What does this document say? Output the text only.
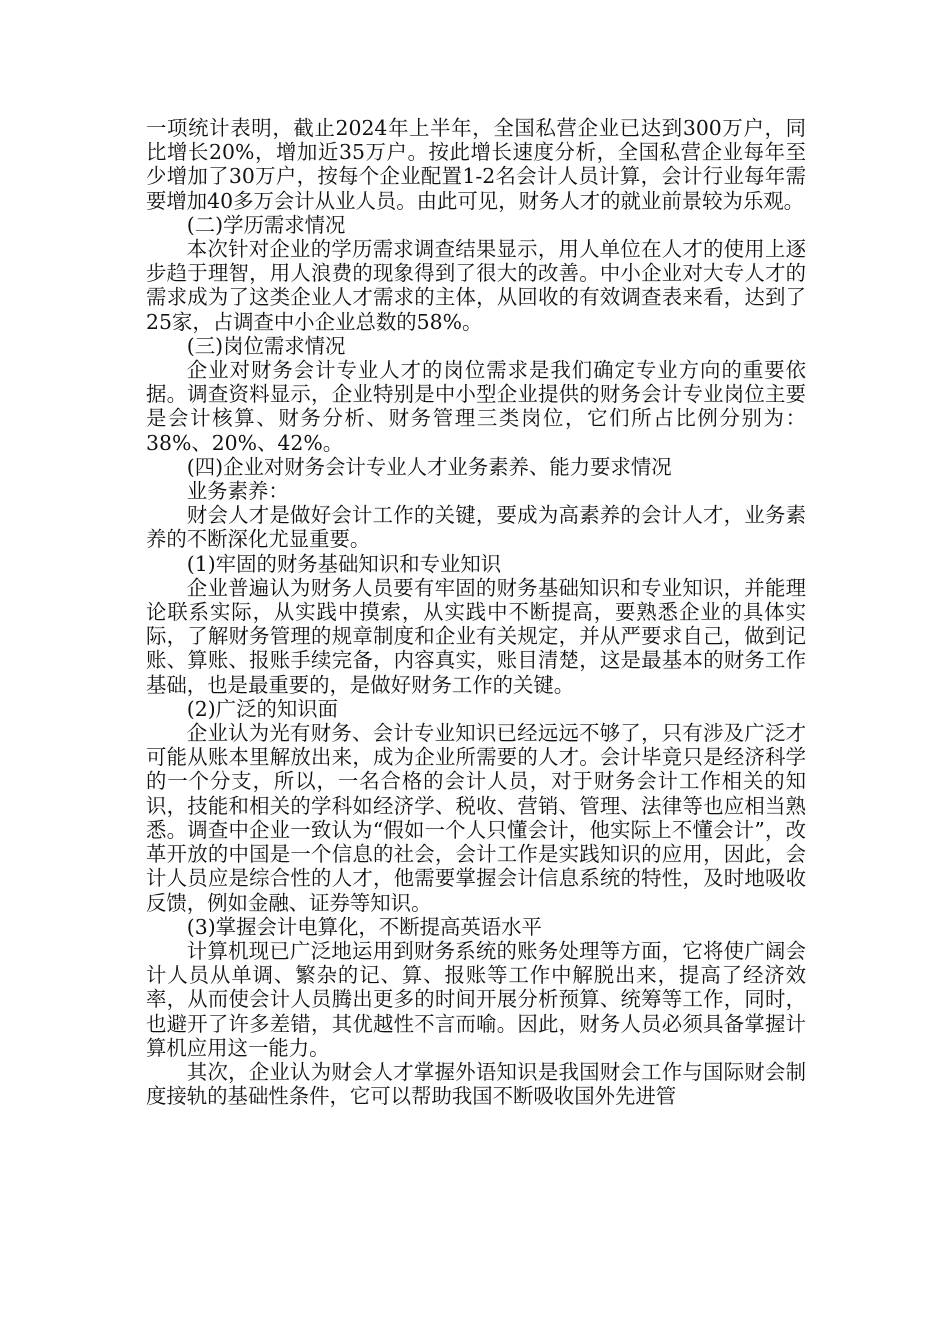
一项统计表明，截止2024年上半年，全国私营企业已达到300万户，同比增长20%，增加近35万户。按此增长速度分析，全国私营企业每年至少增加了30万户，按每个企业配置1-2名会计人员计算，会计行业每年需要增加40多万会计从业人员。由此可见，财务人才的就业前景较为乐观。

(二)学历需求情况

本次针对企业的学历需求调查结果显示，用人单位在人才的使用上逐步趋于理智，用人浪费的现象得到了很大的改善。中小企业对大专人才的需求成为了这类企业人才需求的主体，从回收的有效调查表来看，达到了25家，占调查中小企业总数的58%。

(三)岗位需求情况

企业对财务会计专业人才的岗位需求是我们确定专业方向的重要依据。调查资料显示，企业特别是中小型企业提供的财务会计专业岗位主要是会计核算、财务分析、财务管理三类岗位，它们所占比例分别为：38%、20%、42%。

(四)企业对财务会计专业人才业务素养、能力要求情况

业务素养：

财会人才是做好会计工作的关键，要成为高素养的会计人才，业务素养的不断深化尤显重要。

(1)牢固的财务基础知识和专业知识

企业普遍认为财务人员要有牢固的财务基础知识和专业知识，并能理论联系实际，从实践中摸索，从实践中不断提高，要熟悉企业的具体实际，了解财务管理的规章制度和企业有关规定，并从严要求自己，做到记账、算账、报账手续完备，内容真实，账目清楚，这是最基本的财务工作基础，也是最重要的，是做好财务工作的关键。

(2)广泛的知识面

企业认为光有财务、会计专业知识已经远远不够了，只有涉及广泛才可能从账本里解放出来，成为企业所需要的人才。会计毕竟只是经济科学的一个分支，所以，一名合格的会计人员，对于财务会计工作相关的知识，技能和相关的学科如经济学、税收、营销、管理、法律等也应相当熟悉。调查中企业一致认为“假如一个人只懂会计，他实际上不懂会计”，改革开放的中国是一个信息的社会，会计工作是实践知识的应用，因此，会计人员应是综合性的人才，他需要掌握会计信息系统的特性，及时地吸收反馈，例如金融、证券等知识。

(3)掌握会计电算化，不断提高英语水平

计算机现已广泛地运用到财务系统的账务处理等方面，它将使广阔会计人员从单调、繁杂的记、算、报账等工作中解脱出来，提高了经济效率，从而使会计人员腾出更多的时间开展分析预算、统筹等工作，同时，也避开了许多差错，其优越性不言而喻。因此，财务人员必须具备掌握计算机应用这一能力。

其次，企业认为财会人才掌握外语知识是我国财会工作与国际财会制度接轨的基础性条件，它可以帮助我国不断吸收国外先进管
